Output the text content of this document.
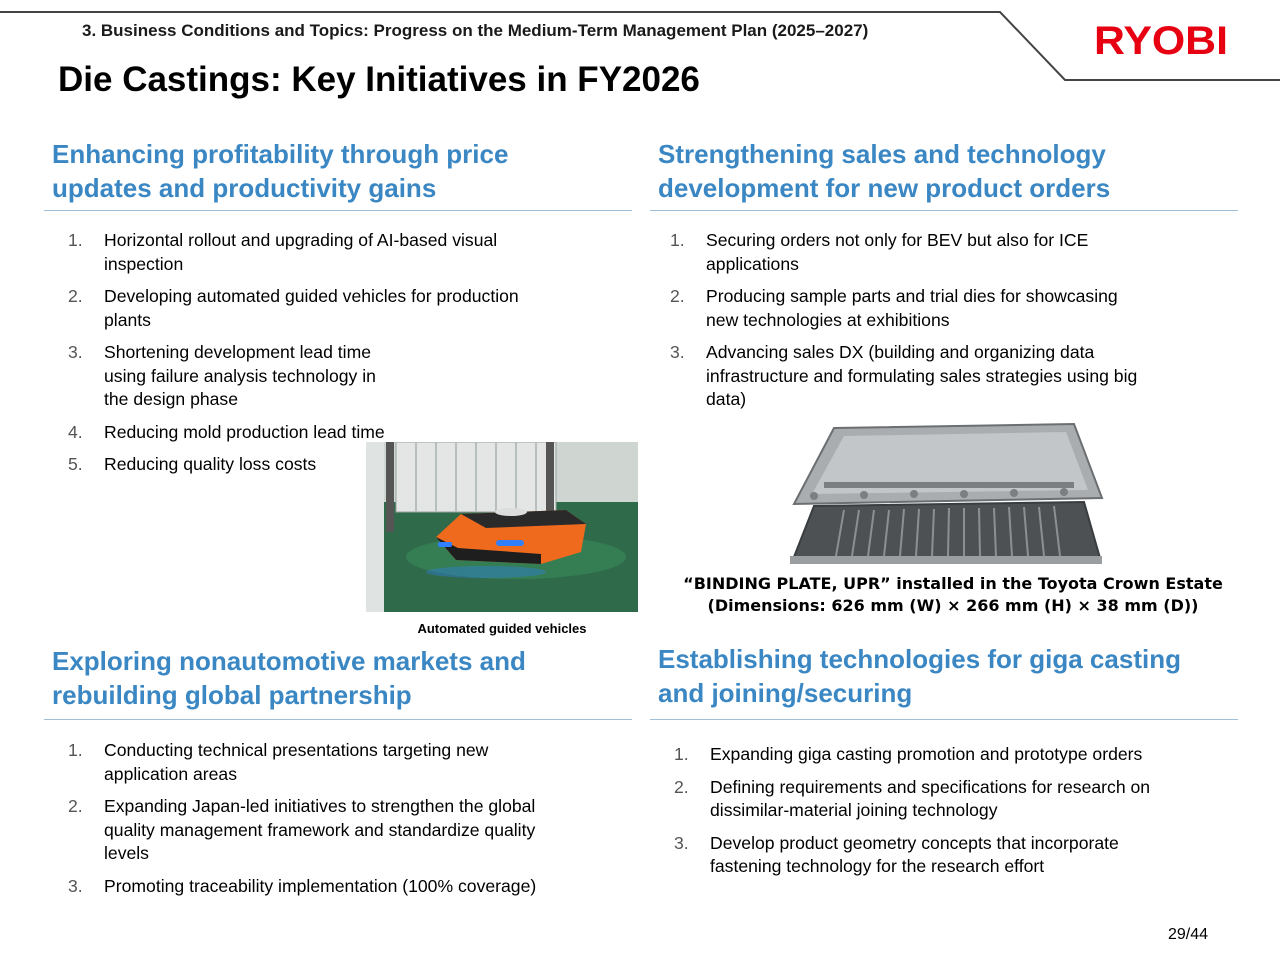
3. Business Conditions and Topics: Progress on the Medium-Term Management Plan (2025–2027)	RYOBI
Die Castings: Key Initiatives in FY2026
Enhancing profitability through price
updates and productivity gains
1. Horizontal rollout and upgrading of AI-based visual
inspection
2. Developing automated guided vehicles for production
plants
3. Shortening development lead time
using failure analysis technology in
the design phase
4. Reducing mold production lead time
5. Reducing quality loss costs
Automated guided vehicles
Strengthening sales and technology
development for new product orders
1. Securing orders not only for BEV but also for ICE
applications
2. Producing sample parts and trial dies for showcasing
new technologies at exhibitions
3. Advancing sales DX (building and organizing data
infrastructure and formulating sales strategies using big
data)
“BINDING PLATE, UPR” installed in the Toyota Crown Estate
(Dimensions: 626 mm (W) × 266 mm (H) × 38 mm (D))
Exploring nonautomotive markets and
rebuilding global partnership
1. Conducting technical presentations targeting new
application areas
2. Expanding Japan-led initiatives to strengthen the global
quality management framework and standardize quality
levels
3. Promoting traceability implementation (100% coverage)
Establishing technologies for giga casting
and joining/securing
1. Expanding giga casting promotion and prototype orders
2. Defining requirements and specifications for research on
dissimilar-material joining technology
3. Develop product geometry concepts that incorporate
fastening technology for the research effort
29/44
